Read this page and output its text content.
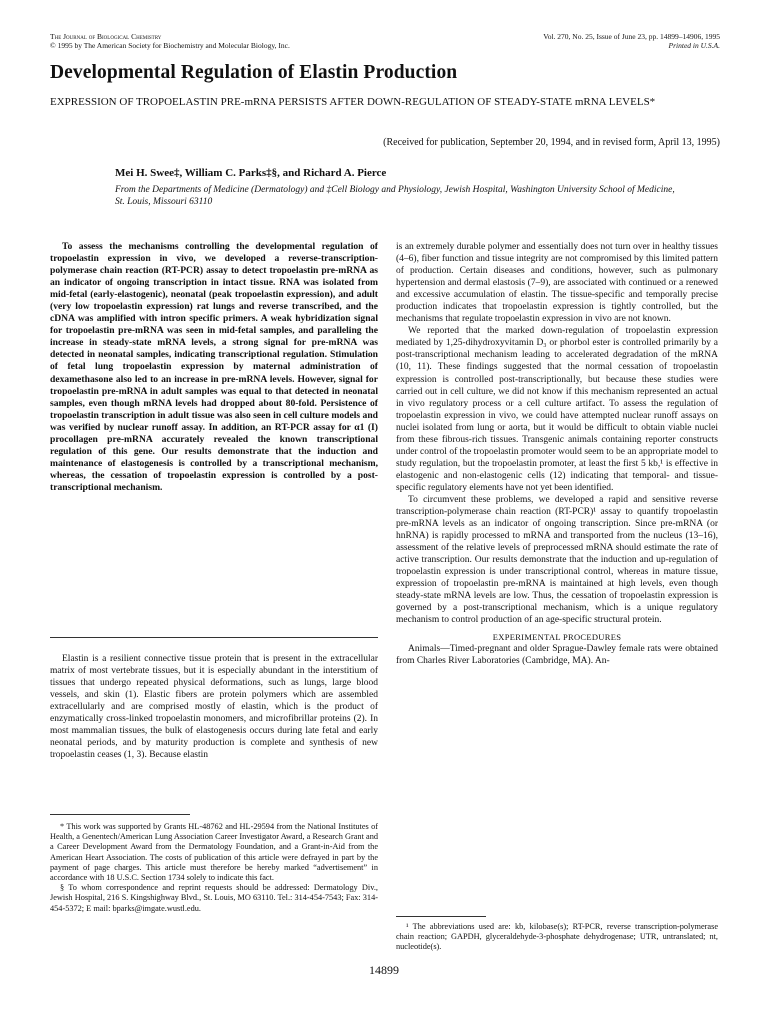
The Journal of Biological Chemistry
© 1995 by The American Society for Biochemistry and Molecular Biology, Inc.
Vol. 270, No. 25, Issue of June 23, pp. 14899–14906, 1995
Printed in U.S.A.
Developmental Regulation of Elastin Production
EXPRESSION OF TROPOELASTIN PRE-mRNA PERSISTS AFTER DOWN-REGULATION OF STEADY-STATE mRNA LEVELS*
(Received for publication, September 20, 1994, and in revised form, April 13, 1995)
Mei H. Swee‡, William C. Parks‡§, and Richard A. Pierce
From the Departments of Medicine (Dermatology) and ‡Cell Biology and Physiology, Jewish Hospital, Washington University School of Medicine, St. Louis, Missouri 63110

To assess the mechanisms controlling the developmental regulation of tropoelastin expression in vivo, we developed a reverse-transcription-polymerase chain reaction (RT-PCR) assay to detect tropoelastin pre-mRNA as an indicator of ongoing transcription in intact tissue. RNA was isolated from mid-fetal (early-elastogenic), neonatal (peak tropoelastin expression), and adult (very low tropoelastin expression) rat lungs and reverse transcribed, and the cDNA was amplified with intron specific primers. A weak hybridization signal for tropoelastin pre-mRNA was seen in mid-fetal samples, and paralleling the increase in steady-state mRNA levels, a strong signal for pre-mRNA was detected in neonatal samples, indicating transcriptional regulation. Stimulation of fetal lung tropoelastin expression by maternal administration of dexamethasone also led to an increase in pre-mRNA levels. However, signal for tropoelastin pre-mRNA in adult samples was equal to that detected in neonatal samples, even though mRNA levels had dropped about 80-fold. Persistence of tropoelastin transcription in adult tissue was also seen in cell culture models and was verified by nuclear runoff assay. In addition, an RT-PCR assay for α1 (I) procollagen pre-mRNA accurately revealed the known transcriptional regulation of this gene. Our results demonstrate that the induction and maintenance of elastogenesis is controlled by a transcriptional mechanism, whereas, the cessation of tropoelastin expression is controlled by a post-transcriptional mechanism.

Elastin is a resilient connective tissue protein that is present in the extracellular matrix of most vertebrate tissues, but it is especially abundant in the interstitium of tissues that undergo repeated physical deformations, such as lungs, large blood vessels, and skin (1). Elastic fibers are protein polymers which are assembled extracellularly and are comprised mostly of elastin, which is the product of enzymatically cross-linked tropoelastin monomers, and microfibrillar proteins (2). In most mammalian tissues, the bulk of elastogenesis occurs during late fetal and early neonatal periods, and by maturity production is complete and synthesis of new tropoelastin ceases (1, 3). Because elastin

* This work was supported by Grants HL-48762 and HL-29594 from the National Institutes of Health, a Genentech/American Lung Association Career Investigator Award, a Research Grant and a Career Development Award from the Dermatology Foundation, and a Grant-in-Aid from the American Heart Association. The costs of publication of this article were defrayed in part by the payment of page charges. This article must therefore be hereby marked “advertisement” in accordance with 18 U.S.C. Section 1734 solely to indicate this fact.

§ To whom correspondence and reprint requests should be addressed: Dermatology Div., Jewish Hospital, 216 S. Kingshighway Blvd., St. Louis, MO 63110. Tel.: 314-454-7543; Fax: 314-454-5372; E mail: bparks@imgate.wustl.edu.

is an extremely durable polymer and essentially does not turn over in healthy tissues (4–6), fiber function and tissue integrity are not compromised by this limited pattern of production. Certain diseases and conditions, however, such as pulmonary hypertension and dermal elastosis (7–9), are associated with continued or a renewed and excessive accumulation of elastin. The tissue-specific and temporally precise production indicates that tropoelastin expression is tightly controlled, but the mechanisms that regulate tropoelastin expression in vivo are not known.

We reported that the marked down-regulation of tropoelastin expression mediated by 1,25-dihydroxyvitamin D₃ or phorbol ester is controlled primarily by a post-transcriptional mechanism leading to accelerated degradation of the mRNA (10, 11). These findings suggested that the normal cessation of tropoelastin expression is controlled post-transcriptionally, but because these studies were carried out in cell culture, we did not know if this mechanism represented an actual in vivo regulatory process or a cell culture artifact. To assess the regulation of tropoelastin expression in vivo, we could have attempted nuclear runoff assays on nuclei isolated from lung or aorta, but it would be difficult to obtain viable nuclei from these fibrous-rich tissues. Transgenic animals containing reporter constructs under control of the tropoelastin promoter would seem to be an appropriate model to study regulation, but the tropoelastin promoter, at least the first 5 kb,¹ is effective in elastogenic and non-elastogenic cells (12) indicating that temporal- and tissue-specific regulatory elements have not yet been identified.

To circumvent these problems, we developed a rapid and sensitive reverse transcription-polymerase chain reaction (RT-PCR)¹ assay to quantify tropoelastin pre-mRNA levels as an indicator of ongoing transcription. Since pre-mRNA (or hnRNA) is rapidly processed to mRNA and transported from the nucleus (13–16), assessment of the relative levels of preprocessed mRNA should estimate the rate of active transcription. Our results demonstrate that the induction and up-regulation of tropoelastin expression is under transcriptional control, whereas in mature tissue, expression of tropoelastin pre-mRNA is maintained at high levels, even though steady-state mRNA levels are low. Thus, the cessation of tropoelastin expression is governed by a post-transcriptional mechanism, which is a unique regulatory mechanism to control production of an age-specific structural protein.

EXPERIMENTAL PROCEDURES

Animals—Timed-pregnant and older Sprague-Dawley female rats were obtained from Charles River Laboratories (Cambridge, MA). An-

¹ The abbreviations used are: kb, kilobase(s); RT-PCR, reverse transcription-polymerase chain reaction; GAPDH, glyceraldehyde-3-phosphate dehydrogenase; UTR, untranslated; nt, nucleotide(s).

14899
